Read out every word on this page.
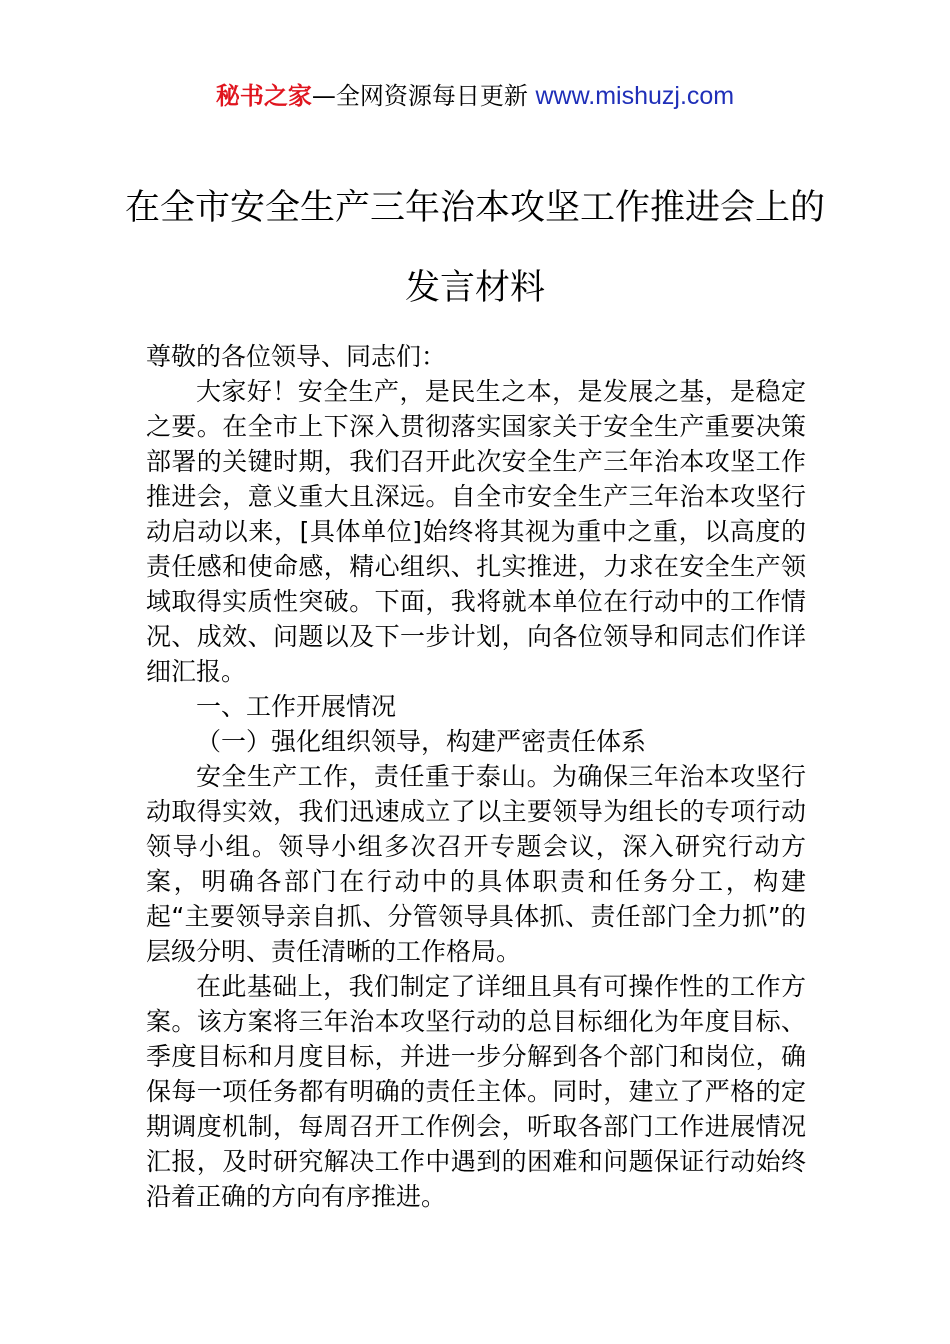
秘书之家—全网资源每日更新 www.mishuzj.com
在全市安全生产三年治本攻坚工作推进会上的发言材料

尊敬的各位领导、同志们：

大家好！安全生产，是民生之本，是发展之基，是稳定之要。在全市上下深入贯彻落实国家关于安全生产重要决策部署的关键时期，我们召开此次安全生产三年治本攻坚工作推进会，意义重大且深远。自全市安全生产三年治本攻坚行动启动以来，[具体单位]始终将其视为重中之重，以高度的责任感和使命感，精心组织、扎实推进，力求在安全生产领域取得实质性突破。下面，我将就本单位在行动中的工作情况、成效、问题以及下一步计划，向各位领导和同志们作详细汇报。

一、工作开展情况

（一）强化组织领导，构建严密责任体系

安全生产工作，责任重于泰山。为确保三年治本攻坚行动取得实效，我们迅速成立了以主要领导为组长的专项行动领导小组。领导小组多次召开专题会议，深入研究行动方案，明确各部门在行动中的具体职责和任务分工，构建起“主要领导亲自抓、分管领导具体抓、责任部门全力抓”的层级分明、责任清晰的工作格局。

在此基础上，我们制定了详细且具有可操作性的工作方案。该方案将三年治本攻坚行动的总目标细化为年度目标、季度目标和月度目标，并进一步分解到各个部门和岗位，确保每一项任务都有明确的责任主体。同时，建立了严格的定期调度机制，每周召开工作例会，听取各部门工作进展情况汇报，及时研究解决工作中遇到的困难和问题保证行动始终沿着正确的方向有序推进。
